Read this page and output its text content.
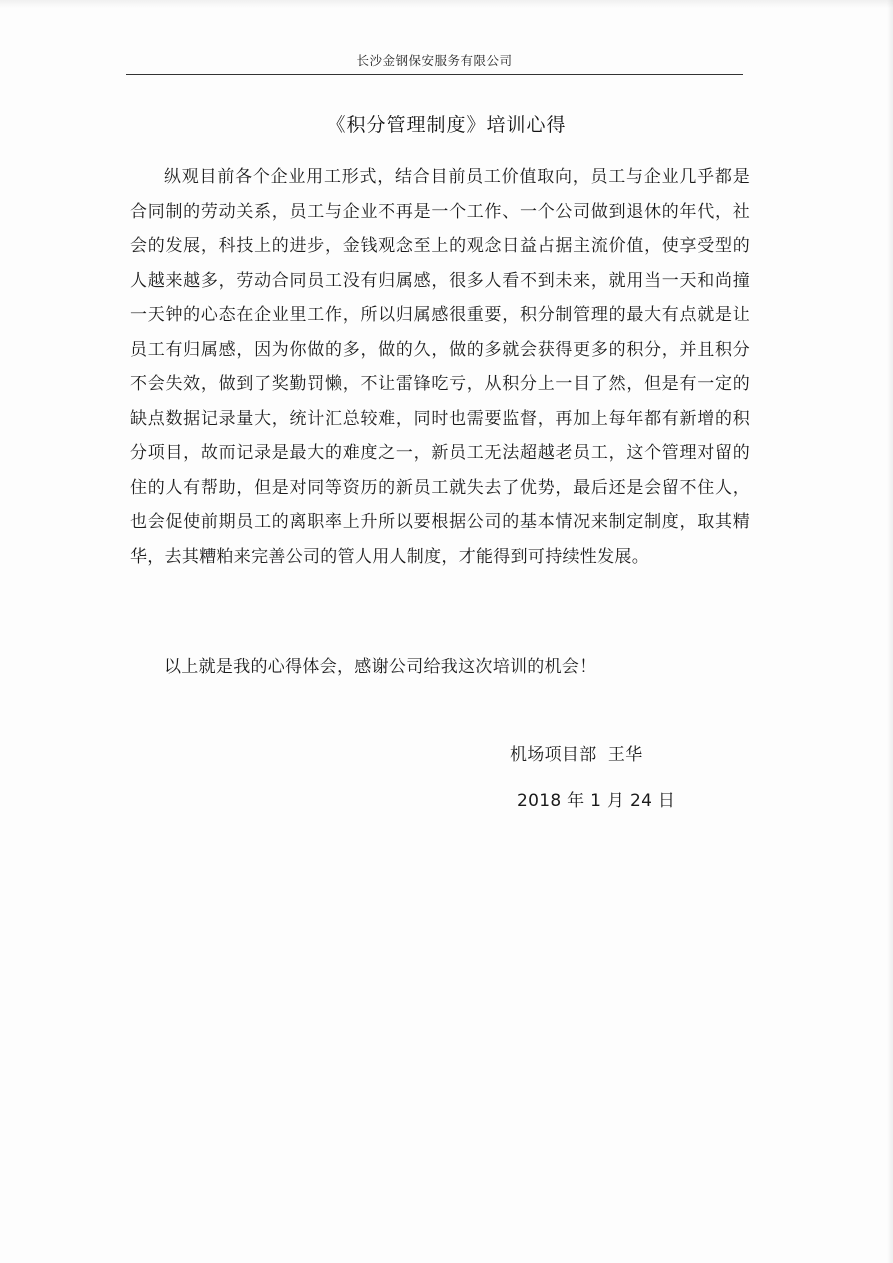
长沙金钢保安服务有限公司
《积分管理制度》培训心得

纵观目前各个企业用工形式，结合目前员工价值取向，员工与企业几乎都是合同制的劳动关系，员工与企业不再是一个工作、一个公司做到退休的年代，社会的发展，科技上的进步，金钱观念至上的观念日益占据主流价值，使享受型的人越来越多，劳动合同员工没有归属感，很多人看不到未来，就用当一天和尚撞一天钟的心态在企业里工作，所以归属感很重要，积分制管理的最大有点就是让员工有归属感，因为你做的多，做的久，做的多就会获得更多的积分，并且积分不会失效，做到了奖勤罚懒，不让雷锋吃亏，从积分上一目了然，但是有一定的缺点数据记录量大，统计汇总较难，同时也需要监督，再加上每年都有新增的积分项目，故而记录是最大的难度之一，新员工无法超越老员工，这个管理对留的住的人有帮助，但是对同等资历的新员工就失去了优势，最后还是会留不住人，也会促使前期员工的离职率上升所以要根据公司的基本情况来制定制度，取其精华，去其糟粕来完善公司的管人用人制度，才能得到可持续性发展。

以上就是我的心得体会，感谢公司给我这次培训的机会！

机场项目部  王华
2018 年 1 月 24 日
